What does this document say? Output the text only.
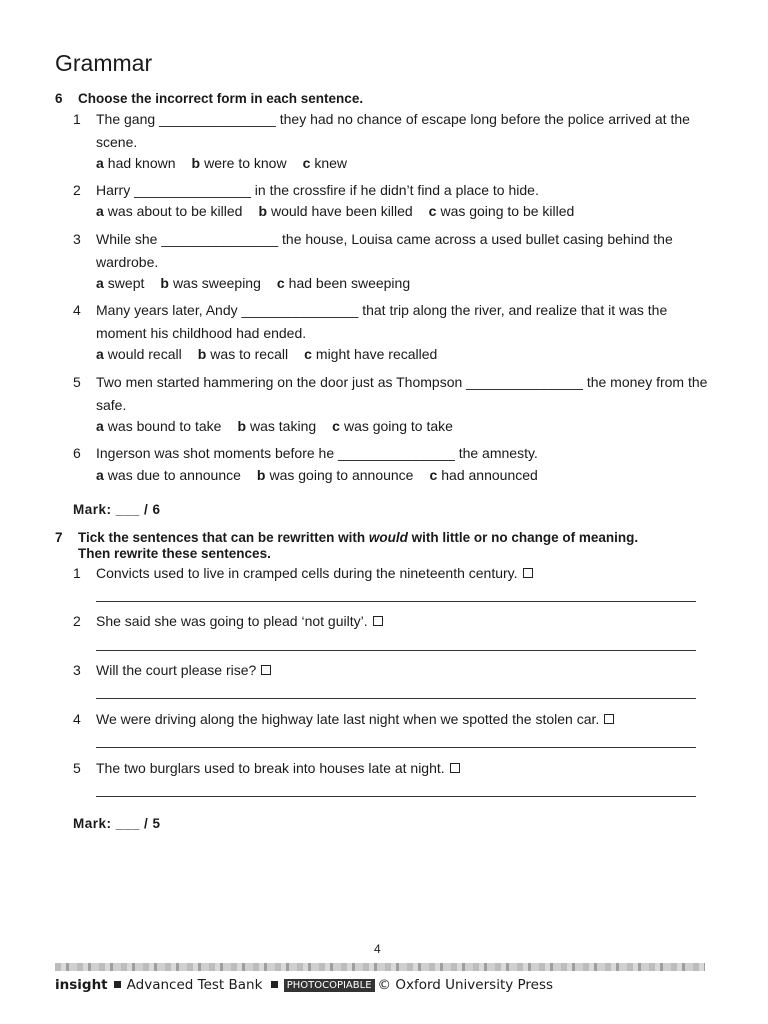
Grammar
6 Choose the incorrect form in each sentence.
1	The gang _______________ they had no chance of escape long before the police arrived at the scene.
a had known b were to know c knew
2	Harry _______________ in the crossfire if he didn’t find a place to hide.
a was about to be killed b would have been killed c was going to be killed
3	While she _______________ the house, Louisa came across a used bullet casing behind the wardrobe.
a swept b was sweeping c had been sweeping
4	Many years later, Andy _______________ that trip along the river, and realize that it was the moment his childhood had ended.
a would recall b was to recall c might have recalled
5	Two men started hammering on the door just as Thompson _______________ the money from the safe.
a was bound to take b was taking c was going to take
6	Ingerson was shot moments before he _______________ the amnesty.
a was due to announce b was going to announce c had announced
Mark: ___ / 6
7 Tick the sentences that can be rewritten with would with little or no change of meaning.
Then rewrite these sentences.
1	Convicts used to live in cramped cells during the nineteenth century.
2	She said she was going to plead ‘not guilty’.
3	Will the court please rise?
4	We were driving along the highway late last night when we spotted the stolen car.
5	The two burglars used to break into houses late at night.
Mark: ___ / 5
4
insight Advanced Test Bank PHOTOCOPIABLE © Oxford University Press
